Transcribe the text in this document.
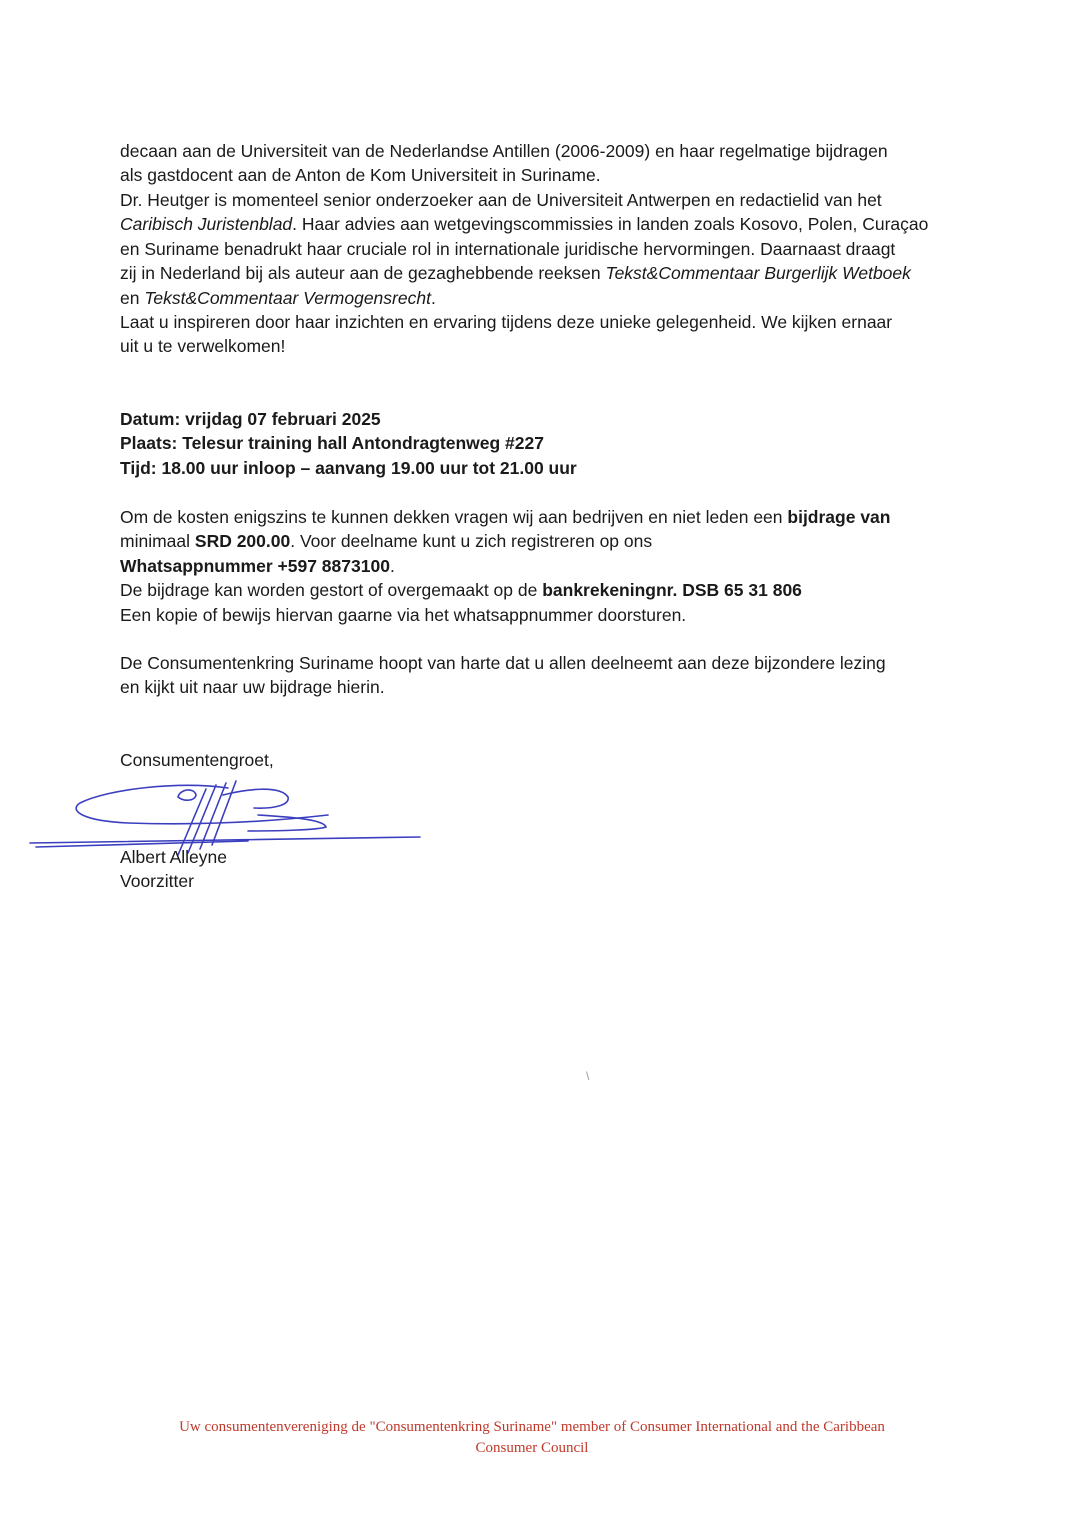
decaan aan de Universiteit van de Nederlandse Antillen (2006-2009) en haar regelmatige bijdragen
als gastdocent aan de Anton de Kom Universiteit in Suriname.
Dr. Heutger is momenteel senior onderzoeker aan de Universiteit Antwerpen en redactielid van het
Caribisch Juristenblad. Haar advies aan wetgevingscommissies in landen zoals Kosovo, Polen, Curaçao
en Suriname benadrukt haar cruciale rol in internationale juridische hervormingen. Daarnaast draagt
zij in Nederland bij als auteur aan de gezaghebbende reeksen Tekst&Commentaar Burgerlijk Wetboek
en Tekst&Commentaar Vermogensrecht.
Laat u inspireren door haar inzichten en ervaring tijdens deze unieke gelegenheid. We kijken ernaar
uit u te verwelkomen!
Datum: vrijdag 07 februari 2025
Plaats: Telesur training hall Antondragtenweg #227
Tijd: 18.00 uur inloop – aanvang 19.00 uur tot 21.00 uur
Om de kosten enigszins te kunnen dekken vragen wij aan bedrijven en niet leden een bijdrage van
minimaal SRD 200.00. Voor deelname kunt u zich registreren op ons
Whatsappnummer +597 8873100.
De bijdrage kan worden gestort of overgemaakt op de bankrekeningnr. DSB 65 31 806
Een kopie of bewijs hiervan gaarne via het whatsappnummer doorsturen.
De Consumentenkring Suriname hoopt van harte dat u allen deelneemt aan deze bijzondere lezing
en kijkt uit naar uw bijdrage hierin.
Consumentengroet,
Albert Alleyne
Voorzitter
\
Uw consumentenvereniging de "Consumentenkring Suriname" member of Consumer International and the Caribbean
Consumer Council
